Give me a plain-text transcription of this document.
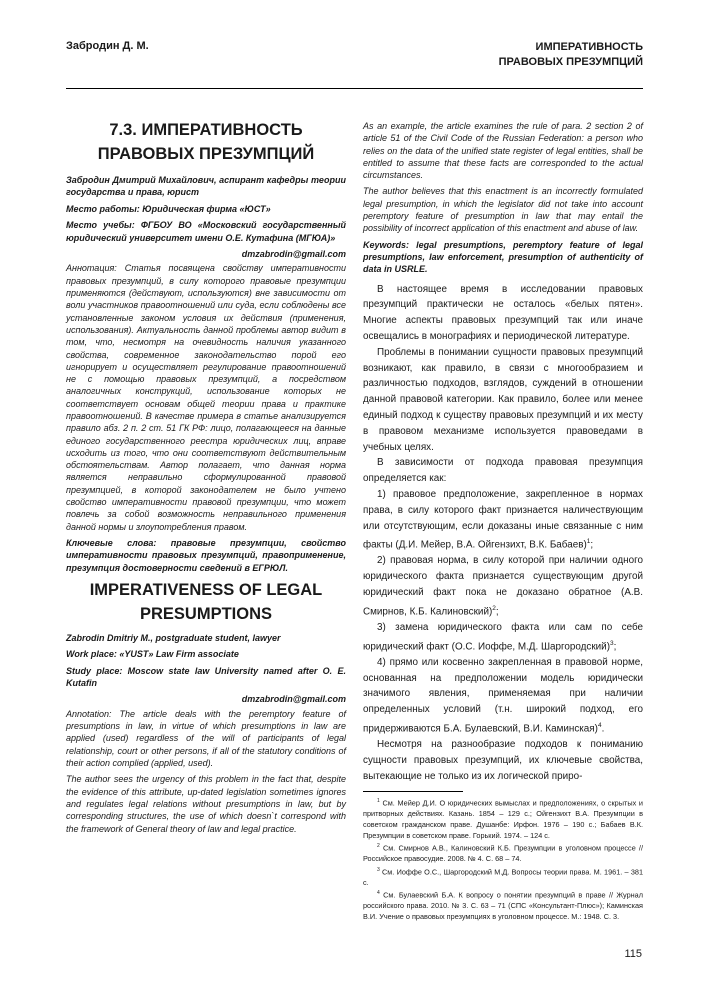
Забродин Д. М.	ИМПЕРАТИВНОСТЬ
ПРАВОВЫХ ПРЕЗУМПЦИЙ
7.3. ИМПЕРАТИВНОСТЬ ПРАВОВЫХ ПРЕЗУМПЦИЙ

Забродин Дмитрий Михайлович, аспирант кафедры теории государства и права, юрист

Место работы: Юридическая фирма «ЮСТ»

Место учебы: ФГБОУ ВО «Московский государственный юридический университет имени О.Е. Кутафина (МГЮА)»

dmzabrodin@gmail.com

Аннотация: Статья посвящена свойству императивности правовых презумпций, в силу которого правовые презумпции применяются (действуют, используются) вне зависимости от воли участников правоотношений или суда, если соблюдены все установленные законом условия их действия (применения, использования). Актуальность данной проблемы автор видит в том, что, несмотря на очевидность наличия указанного свойства, современное законодательство порой его игнорирует и осуществляет регулирование правоотношений не с помощью правовых презумпций, а посредством аналогичных конструкций, использование которых не соответствует основам общей теории права и практике правоотношений. В качестве примера в статье анализируется правило абз. 2 п. 2 ст. 51 ГК РФ: лицо, полагающееся на данные единого государственного реестра юридических лиц, вправе исходить из того, что они соответствуют действительным обстоятельствам. Автор полагает, что данная норма является неправильно сформулированной правовой презумпцией, в которой законодателем не было учтено свойство императивности правовой презумпции, что может повлечь за собой возможность неправильного применения данной нормы и злоупотребления правом.

Ключевые слова: правовые презумпции, свойство императивности правовых презумпций, правоприменение, презумпция достоверности сведений в ЕГРЮЛ.

IMPERATIVENESS OF LEGAL PRESUMPTIONS

Zabrodin Dmitriy M., postgraduate student, lawyer

Work place: «YUST» Law Firm associate

Study place: Moscow state law University named after O. E. Kutafin

dmzabrodin@gmail.com

Annotation: The article deals with the peremptory feature of presumptions in law, in virtue of which presumptions in law are applied (used) regardless of the will of participants of legal relationship, court or other persons, if all of the statutory conditions of their action complied (applied, used).

The author sees the urgency of this problem in the fact that, despite the evidence of this attribute, up-dated legislation sometimes ignores and regulates legal relations without presumptions in law, but by corresponding structures, the use of which doesn`t correspond with the framework of General theory of law and legal practice.

As an example, the article examines the rule of para. 2 section 2 of article 51 of the Civil Code of the Russian Federation: a person who relies on the data of the unified state register of legal entities, shall be entitled to assume that these facts are corresponded to the actual circumstances.

The author believes that this enactment is an incorrectly formulated legal presumption, in which the legislator did not take into account peremptory feature of presumption in law that may entail the possibility of incorrect application of this enactment and abuse of law.

Keywords: legal presumptions, peremptory feature of legal presumptions, law enforcement, presumption of authenticity of data in USRLE.

В настоящее время в исследовании правовых презумпций практически не осталось «белых пятен». Многие аспекты правовых презумпций так или иначе освещались в монографиях и периодической литературе.

Проблемы в понимании сущности правовых презумпций возникают, как правило, в связи с многообразием и различностью подходов, взглядов, суждений в отношении данной правовой категории. Как правило, более или менее единый подход к существу правовых презумпций и их месту в правовом механизме используется правоведами в учебных целях.

В зависимости от подхода правовая презумпция определяется как:

1) правовое предположение, закрепленное в нормах права, в силу которого факт признается наличествующим или отсутствующим, если доказаны иные связанные с ним факты (Д.И. Мейер, В.А. Ойгензихт, В.К. Бабаев)$^1$;

2) правовая норма, в силу которой при наличии одного юридического факта признается существующим другой юридический факт пока не доказано обратное (А.В. Смирнов, К.Б. Калиновский)$^2$;

3) замена юридического факта или сам по себе юридический факт (О.С. Иоффе, М.Д. Шаргородский)$^3$;

4) прямо или косвенно закрепленная в правовой норме, основанная на предположении модель юридически значимого явления, применяемая при наличии определенных условий (т.н. широкий подход, его придерживаются Б.А. Булаевский, В.И. Каминская)$^4$.

Несмотря на разнообразие подходов к пониманию сущности правовых презумпций, их ключевые свойства, вытекающие не только из их логической приро-

$^1$ См. Мейер Д.И. О юридических вымыслах и предположениях, о скрытых и притворных действиях. Казань. 1854 – 129 с.; Ойгензихт В.А. Презумпции в советском гражданском праве. Душанбе: Ирфон. 1976 – 190 с.; Бабаев В.К. Презумпции в советском праве. Горький. 1974. – 124 с.

$^2$ См. Смирнов А.В., Калиновский К.Б. Презумпции в уголовном процессе // Российское правосудие. 2008. № 4. С. 68 – 74.

$^3$ См. Иоффе О.С., Шаргородский М.Д. Вопросы теории права. М. 1961. – 381 с.

$^4$ См. Булаевский Б.А. К вопросу о понятии презумпций в праве // Журнал российского права. 2010. № 3. С. 63 – 71 (СПС «Консультант-Плюс»); Каминская В.И. Учение о правовых презумпциях в уголовном процессе. М.: 1948. С. 3.

115
